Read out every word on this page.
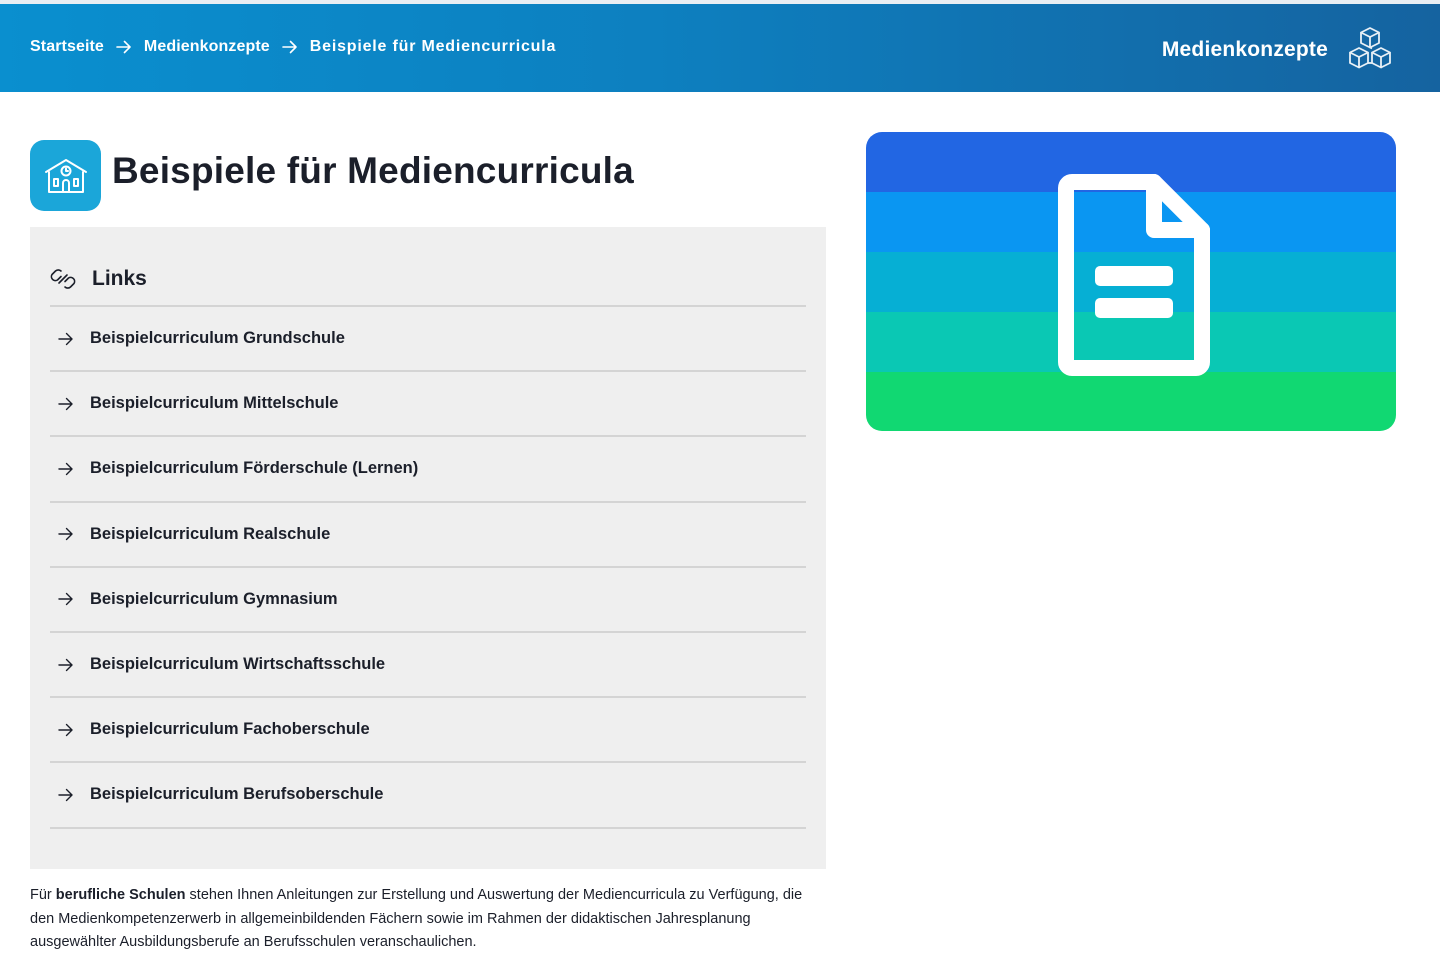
Startseite	Medienkonzepte	Beispiele für Mediencurricula	Medienkonzepte
Beispiele für Mediencurricula
Links
Beispielcurriculum Grundschule
Beispielcurriculum Mittelschule
Beispielcurriculum Förderschule (Lernen)
Beispielcurriculum Realschule
Beispielcurriculum Gymnasium
Beispielcurriculum Wirtschaftsschule
Beispielcurriculum Fachoberschule
Beispielcurriculum Berufsoberschule

Für berufliche Schulen stehen Ihnen Anleitungen zur Erstellung und Auswertung der Mediencurricula zu Verfügung, die den Medienkompetenzerwerb in allgemeinbildenden Fächern sowie im Rahmen der didaktischen Jahresplanung ausgewählter Ausbildungsberufe an Berufsschulen veranschaulichen.
